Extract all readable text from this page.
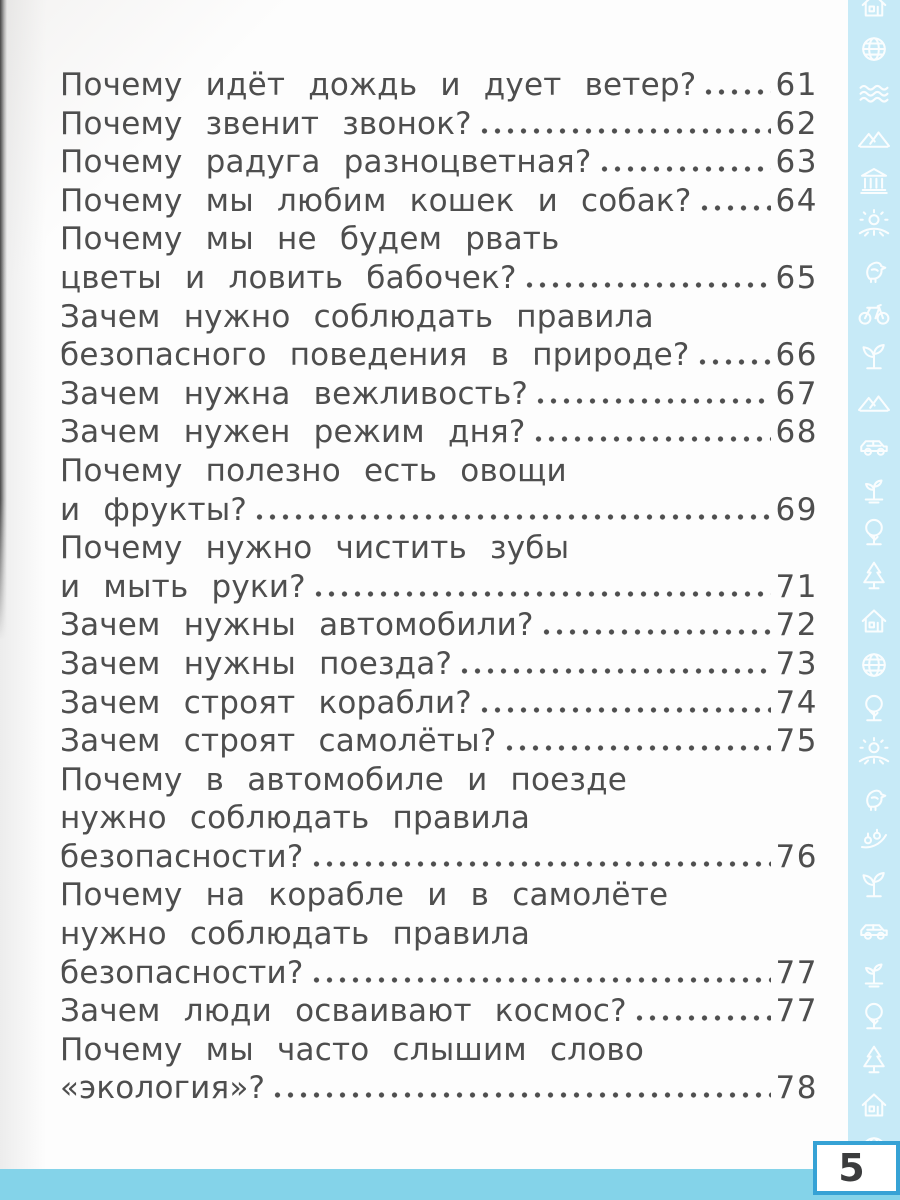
Почему идёт дождь и дует ветер?	61
Почему звенит звонок?	62
Почему радуга разноцветная?	63
Почему мы любим кошек и собак?	64
Почему мы не будем рвать
цветы и ловить бабочек?	65
Зачем нужно соблюдать правила
безопасного поведения в природе?	66
Зачем нужна вежливость?	67
Зачем нужен режим дня?	68
Почему полезно есть овощи
и фрукты?	69
Почему нужно чистить зубы
и мыть руки?	71
Зачем нужны автомобили?	72
Зачем нужны поезда?	73
Зачем строят корабли?	74
Зачем строят самолёты?	75
Почему в автомобиле и поезде
нужно соблюдать правила
безопасности?	76
Почему на корабле и в самолёте
нужно соблюдать правила
безопасности?	77
Зачем люди осваивают космос?	77
Почему мы часто слышим слово
«экология»?	78
5
